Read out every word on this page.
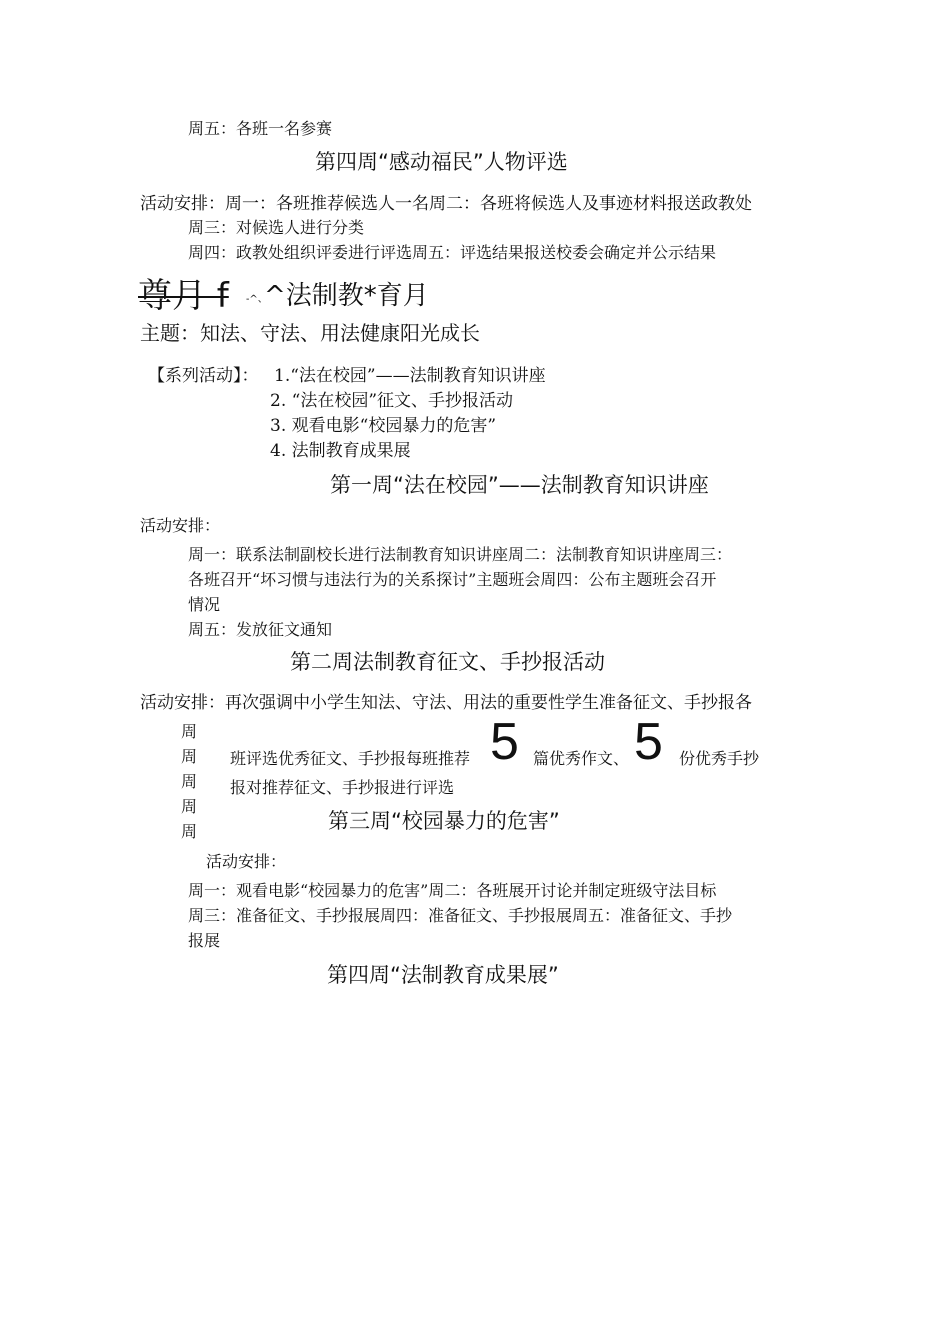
周五：各班一名参赛
第四周“感动福民”人物评选
活动安排：周一：各班推荐候选人一名周二：各班将候选人及事迹材料报送政教处
周三：对候选人进行分类
周四：政教处组织评委进行评选周五：评选结果报送校委会确定并公示结果
尊月 f -^、
^法制教*育月
主题：知法、守法、用法健康阳光成长
【系列活动】： 1.“法在校园”——法制教育知识讲座
2. “法在校园”征文、手抄报活动
3. 观看电影“校园暴力的危害”
4. 法制教育成果展
第一周“法在校园”——法制教育知识讲座
活动安排：
周一：联系法制副校长进行法制教育知识讲座周二：法制教育知识讲座周三：
各班召开“坏习惯与违法行为的关系探讨”主题班会周四：公布主题班会召开
情况
周五：发放征文通知
第二周法制教育征文、手抄报活动
活动安排：再次强调中小学生知法、守法、用法的重要性学生准备征文、手抄报各
周
周
周
周
周
班评选优秀征文、手抄报每班推荐 5 篇优秀作文、 5 份优秀手抄
报对推荐征文、手抄报进行评选
第三周“校园暴力的危害”
活动安排：
周一：观看电影“校园暴力的危害”周二：各班展开讨论并制定班级守法目标
周三：准备征文、手抄报展周四：准备征文、手抄报展周五：准备征文、手抄
报展
第四周“法制教育成果展”
